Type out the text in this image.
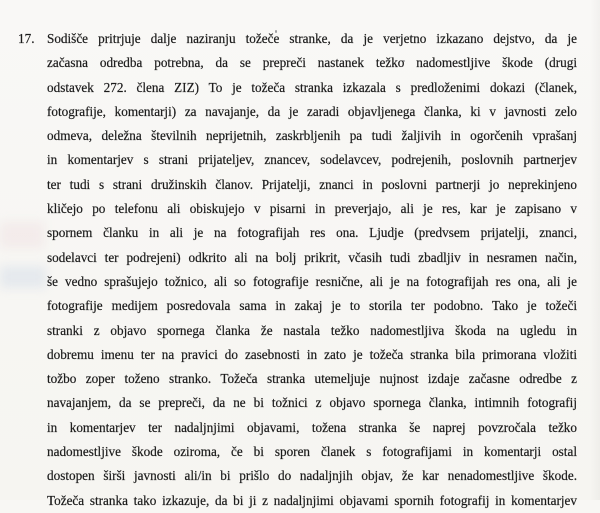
17. Sodišče pritrjuje dalje naziranju tožeče stranke, da je verjetno izkazano dejstvo, da je
začasna odredba potrebna, da se prepreči nastanek težko nadomestljive škode (drugi
odstavek 272. člena ZIZ) To je tožeča stranka izkazala s predloženimi dokazi (članek,
fotografije, komentarji) za navajanje, da je zaradi objavljenega članka, ki v javnosti zelo
odmeva, deležna številnih neprijetnih, zaskrbljenih pa tudi žaljivih in ogorčenih vprašanj
in komentarjev s strani prijateljev, znancev, sodelavcev, podrejenih, poslovnih partnerjev
ter tudi s strani družinskih članov. Prijatelji, znanci in poslovni partnerji jo neprekinjeno
kličejo po telefonu ali obiskujejo v pisarni in preverjajo, ali je res, kar je zapisano v
spornem članku in ali je na fotografijah res ona. Ljudje (predvsem prijatelji, znanci,
sodelavci ter podrejeni) odkrito ali na bolj prikrit, včasih tudi zbadljiv in nesramen način,
še vedno sprašujejo tožnico, ali so fotografije resnične, ali je na fotografijah res ona, ali je
fotografije medijem posredovala sama in zakaj je to storila ter podobno. Tako je tožeči
stranki z objavo spornega članka že nastala težko nadomestljiva škoda na ugledu in
dobremu imenu ter na pravici do zasebnosti in zato je tožeča stranka bila primorana vložiti
tožbo zoper toženo stranko. Tožeča stranka utemeljuje nujnost izdaje začasne odredbe z
navajanjem, da se prepreči, da ne bi tožnici z objavo spornega članka, intimnih fotografij
in komentarjev ter nadaljnjimi objavami, tožena stranka še naprej povzročala težko
nadomestljive škode oziroma, če bi sporen članek s fotografijami in komentarji ostal
dostopen širši javnosti ali/in bi prišlo do nadaljnjih objav, že kar nenadomestljive škode.
Tožeča stranka tako izkazuje, da bi ji z nadaljnjimi objavami spornih fotografij in komentarjev
